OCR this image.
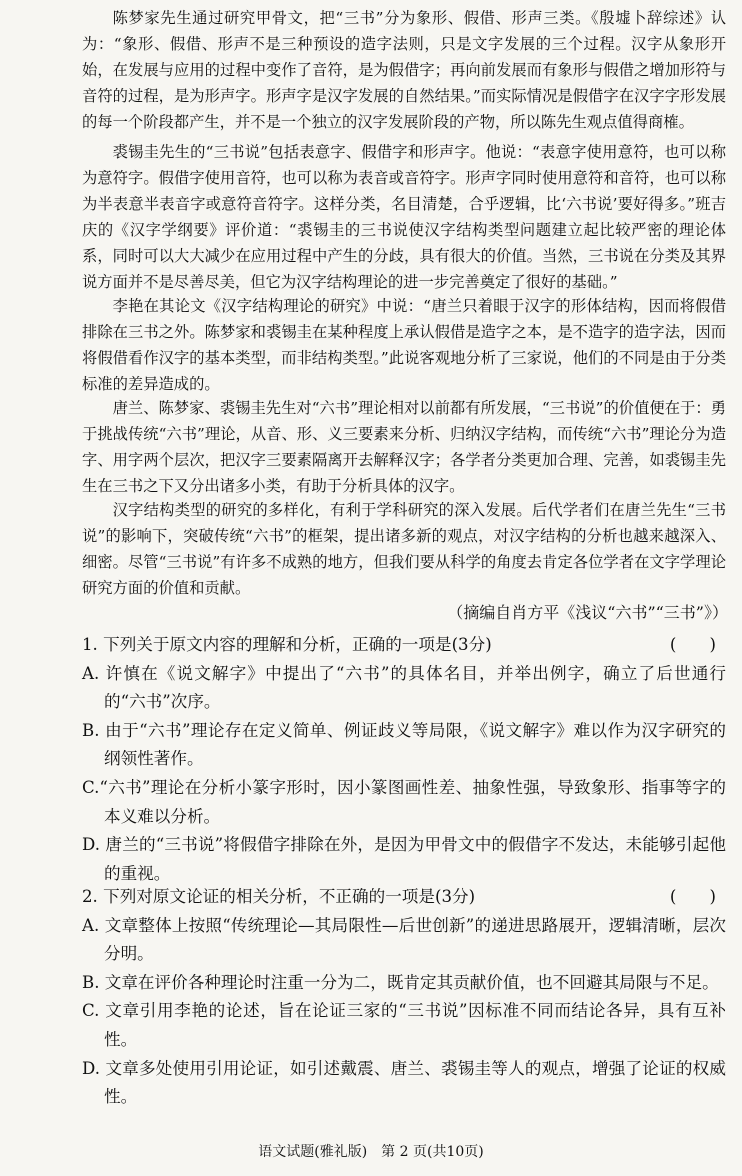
陈梦家先生通过研究甲骨文，把“三书”分为象形、假借、形声三类。《殷墟卜辞综述》认为：“象形、假借、形声不是三种预设的造字法则，只是文字发展的三个过程。汉字从象形开始，在发展与应用的过程中变作了音符，是为假借字；再向前发展而有象形与假借之增加形符与音符的过程，是为形声字。形声字是汉字发展的自然结果。”而实际情况是假借字在汉字字形发展的每一个阶段都产生，并不是一个独立的汉字发展阶段的产物，所以陈先生观点值得商榷。
裘锡圭先生的“三书说”包括表意字、假借字和形声字。他说：“表意字使用意符，也可以称为意符字。假借字使用音符，也可以称为表音或音符字。形声字同时使用意符和音符，也可以称为半表意半表音字或意符音符字。这样分类，名目清楚，合乎逻辑，比‘六书说’要好得多。”班吉庆的《汉字学纲要》评价道：“裘锡圭的三书说使汉字结构类型问题建立起比较严密的理论体系，同时可以大大减少在应用过程中产生的分歧，具有很大的价值。当然，三书说在分类及其界说方面并不是尽善尽美，但它为汉字结构理论的进一步完善奠定了很好的基础。”
李艳在其论文《汉字结构理论的研究》中说：“唐兰只着眼于汉字的形体结构，因而将假借排除在三书之外。陈梦家和裘锡圭在某种程度上承认假借是造字之本，是不造字的造字法，因而将假借看作汉字的基本类型，而非结构类型。”此说客观地分析了三家说，他们的不同是由于分类标准的差异造成的。
唐兰、陈梦家、裘锡圭先生对“六书”理论相对以前都有所发展，“三书说”的价值便在于：勇于挑战传统“六书”理论，从音、形、义三要素来分析、归纳汉字结构，而传统“六书”理论分为造字、用字两个层次，把汉字三要素隔离开去解释汉字；各学者分类更加合理、完善，如裘锡圭先生在三书之下又分出诸多小类，有助于分析具体的汉字。
汉字结构类型的研究的多样化，有利于学科研究的深入发展。后代学者们在唐兰先生“三书说”的影响下，突破传统“六书”的框架，提出诸多新的观点，对汉字结构的分析也越来越深入、细密。尽管“三书说”有许多不成熟的地方，但我们要从科学的角度去肯定各位学者在文字学理论研究方面的价值和贡献。
（摘编自肖方平《浅议“六书”“三书”》）
1. 下列关于原文内容的理解和分析，正确的一项是(3分)	(　　)
A. 许慎在《说文解字》中提出了“六书”的具体名目，并举出例字，确立了后世通行的“六书”次序。
B. 由于“六书”理论存在定义简单、例证歧义等局限，《说文解字》难以作为汉字研究的纲领性著作。
C.“六书”理论在分析小篆字形时，因小篆图画性差、抽象性强，导致象形、指事等字的本义难以分析。
D. 唐兰的“三书说”将假借字排除在外，是因为甲骨文中的假借字不发达，未能够引起他的重视。
2. 下列对原文论证的相关分析，不正确的一项是(3分)	(　　)
A. 文章整体上按照“传统理论—其局限性—后世创新”的递进思路展开，逻辑清晰，层次分明。
B. 文章在评价各种理论时注重一分为二，既肯定其贡献价值，也不回避其局限与不足。
C. 文章引用李艳的论述，旨在论证三家的“三书说”因标准不同而结论各异，具有互补性。
D. 文章多处使用引用论证，如引述戴震、唐兰、裘锡圭等人的观点，增强了论证的权威性。
语文试题(雅礼版)　第 2 页(共10页)
